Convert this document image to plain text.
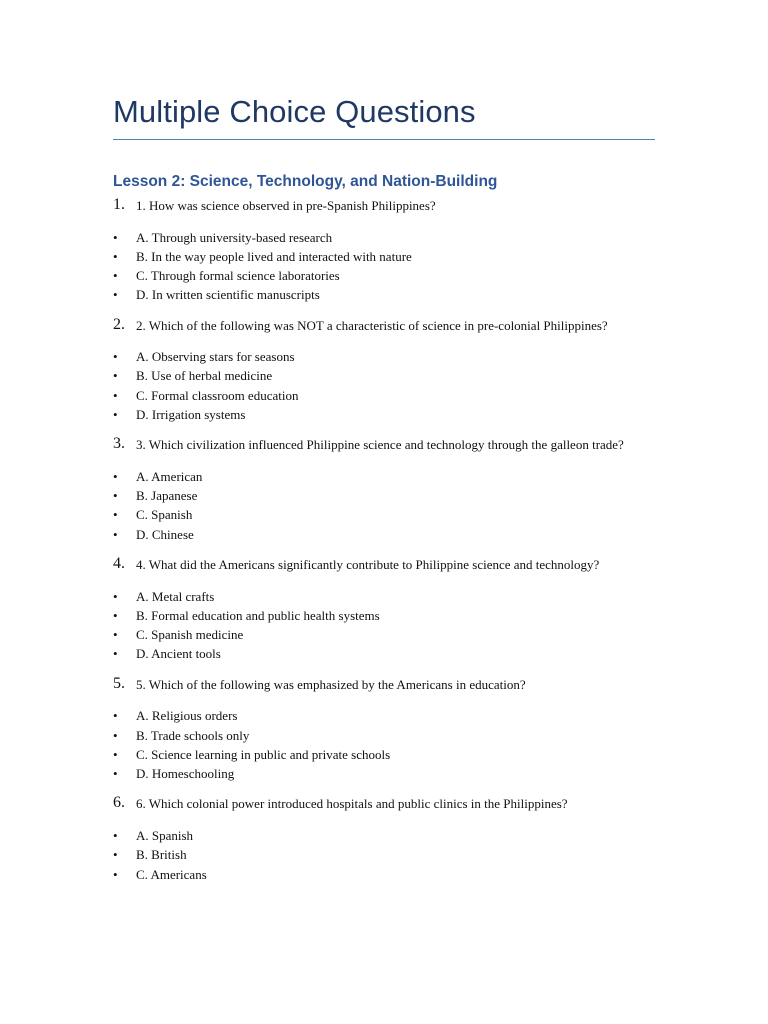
Multiple Choice Questions
Lesson 2: Science, Technology, and Nation-Building
1. 1. How was science observed in pre-Spanish Philippines?
• A. Through university-based research
• B. In the way people lived and interacted with nature
• C. Through formal science laboratories
• D. In written scientific manuscripts
2. 2. Which of the following was NOT a characteristic of science in pre-colonial Philippines?
• A. Observing stars for seasons
• B. Use of herbal medicine
• C. Formal classroom education
• D. Irrigation systems
3. 3. Which civilization influenced Philippine science and technology through the galleon trade?
• A. American
• B. Japanese
• C. Spanish
• D. Chinese
4. 4. What did the Americans significantly contribute to Philippine science and technology?
• A. Metal crafts
• B. Formal education and public health systems
• C. Spanish medicine
• D. Ancient tools
5. 5. Which of the following was emphasized by the Americans in education?
• A. Religious orders
• B. Trade schools only
• C. Science learning in public and private schools
• D. Homeschooling
6. 6. Which colonial power introduced hospitals and public clinics in the Philippines?
• A. Spanish
• B. British
• C. Americans
